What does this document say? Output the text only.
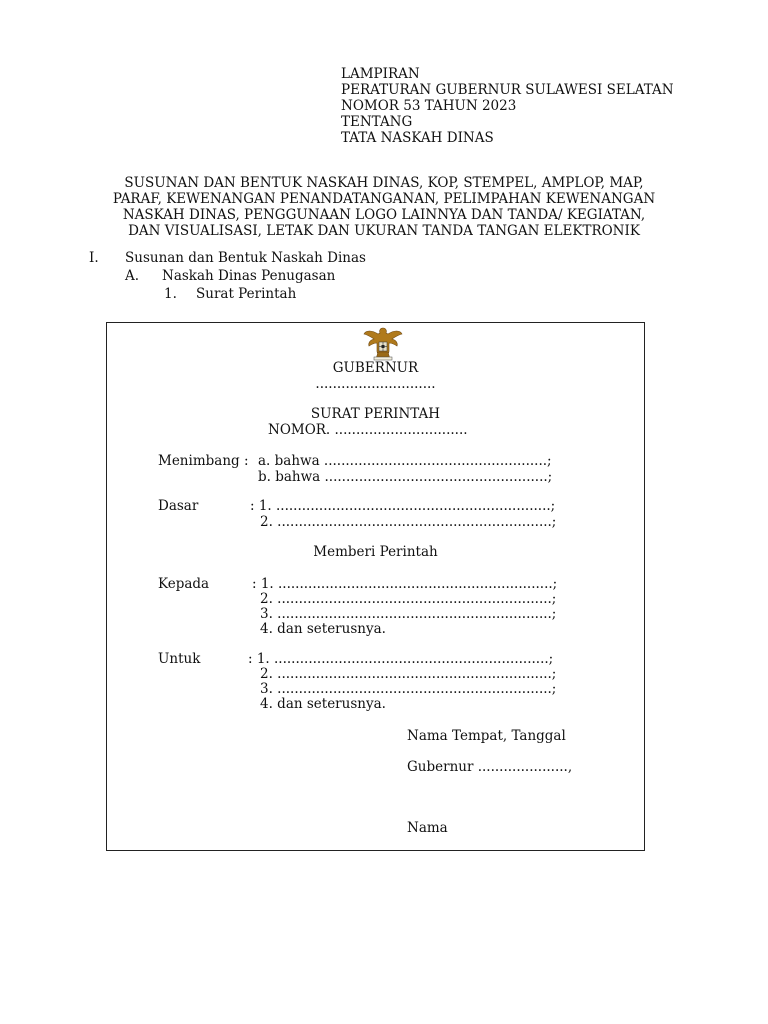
LAMPIRAN
PERATURAN GUBERNUR SULAWESI SELATAN
NOMOR 53 TAHUN 2023
TENTANG
TATA NASKAH DINAS
SUSUNAN DAN BENTUK NASKAH DINAS, KOP, STEMPEL, AMPLOP, MAP,
PARAF, KEWENANGAN PENANDATANGANAN, PELIMPAHAN KEWENANGAN
NASKAH DINAS, PENGGUNAAN LOGO LAINNYA DAN TANDA/ KEGIATAN,
DAN VISUALISASI, LETAK DAN UKURAN TANDA TANGAN ELEKTRONIK
I. Susunan dan Bentuk Naskah Dinas
A. Naskah Dinas Penugasan
1. Surat Perintah
GUBERNUR
............................
SURAT PERINTAH
NOMOR. ...............................
Menimbang : a. bahwa ....................................................;
b. bahwa ....................................................;
Dasar	: 1. ................................................................;
2. ................................................................;
Memberi Perintah
Kepada	: 1. ................................................................;
2. ................................................................;
3. ................................................................;
4. dan seterusnya.
Untuk	: 1. ................................................................;
2. ................................................................;
3. ................................................................;
4. dan seterusnya.
Nama Tempat, Tanggal
Gubernur .....................,
Nama
